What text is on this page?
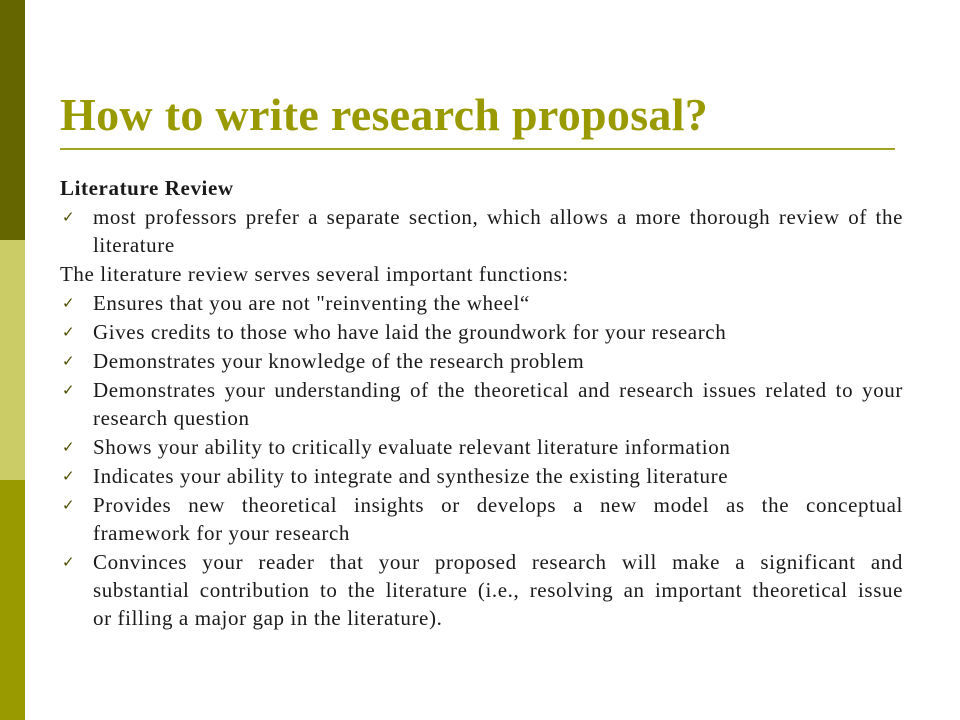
How to write research proposal?
Literature Review
✓ most professors prefer a separate section, which allows a more thorough review of the
literature
The literature review serves several important functions:
✓ Ensures that you are not "reinventing the wheel“
✓ Gives credits to those who have laid the groundwork for your research
✓ Demonstrates your knowledge of the research problem
✓ Demonstrates your understanding of the theoretical and research issues related to your
research question
✓ Shows your ability to critically evaluate relevant literature information
✓ Indicates your ability to integrate and synthesize the existing literature
✓ Provides new theoretical insights or develops a new model as the conceptual
framework for your research
✓ Convinces your reader that your proposed research will make a significant and
substantial contribution to the literature (i.e., resolving an important theoretical issue
or filling a major gap in the literature).
